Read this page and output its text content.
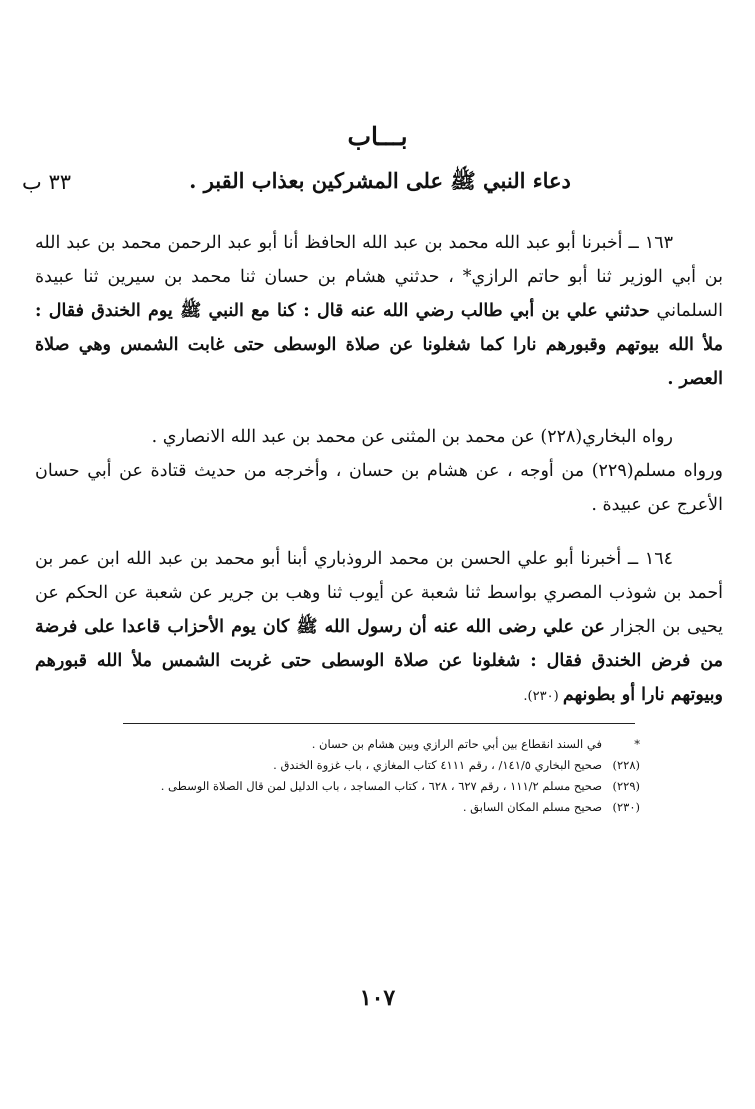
بـــاب
دعاء النبي ﷺ على المشركين بعذاب القبر .
٣٣ ب

١٦٣ ــ أخبرنا أبو عبد الله محمد بن عبد الله الحافظ أنا أبو عبد الرحمن محمد بن عبد الله بن أبي الوزير ثنا أبو حاتم الرازي* ، حدثني هشام بن حسان ثنا محمد بن سيرين ثنا عبيدة السلماني حدثني علي بن أبي طالب رضي الله عنه قال : كنا مع النبي ﷺ يوم الخندق فقال : ملأ الله بيوتهم وقبورهم نارا كما شغلونا عن صلاة الوسطى حتى غابت الشمس وهي صلاة العصر .

رواه البخاري(٢٢٨) عن محمد بن المثنى عن محمد بن عبد الله الانصاري .

ورواه مسلم(٢٢٩) من أوجه ، عن هشام بن حسان ، وأخرجه من حديث قتادة عن أبي حسان الأعرج عن عبيدة .

١٦٤ ــ أخبرنا أبو علي الحسن بن محمد الروذباري أبنا أبو محمد بن عبد الله ابن عمر بن أحمد بن شوذب المصري بواسط ثنا شعبة عن أيوب ثنا وهب بن جرير عن شعبة عن الحكم عن يحيى بن الجزار عن علي رضى الله عنه أن رسول الله ﷺ كان يوم الأحزاب قاعدا على فرضة من فرض الخندق فقال : شغلونا عن صلاة الوسطى حتى غربت الشمس ملأ الله قبورهم وبيوتهم نارا أو بطونهم (٢٣٠).

*
في السند انقطاع بين أبي حاتم الرازي وبين هشام بن حسان .
(٢٢٨)
صحيح البخاري ١٤١/٥/ ، رقم ٤١١١ كتاب المغازي ، باب غزوة الخندق .
(٢٢٩)
صحيح مسلم ١١١/٢ ، رقم ٦٢٧ ، ٦٢٨ ، كتاب المساجد ، باب الدليل لمن قال الصلاة الوسطى .
(٢٣٠)
صحيح مسلم المكان السابق .
١٠٧
